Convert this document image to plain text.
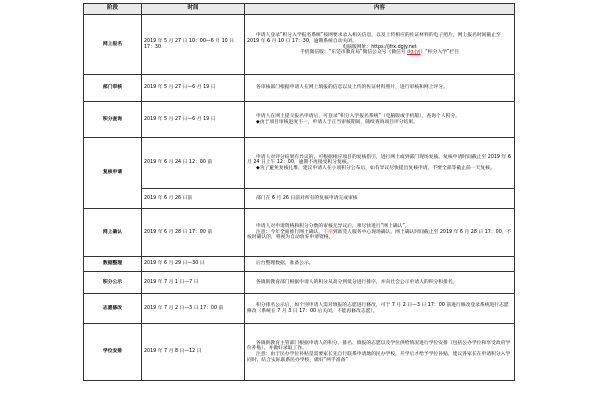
阶段	时间	内容
网上报名	2019 年 5 月 27 日 10：00—6 月 10 日 17：30	申请人登录“积分入学报名系统”按网要求录入相关信息，以及上传相应的佐证材料的电子照片，网上报名时间截止至 2019 年 6 月 10 日 17：30，逾期系统自动关闭。
电脑版网址：https://jfrx.dgjy.net
手机微信版：“东莞市教育局”微信公众号（微信号 dg-jyj）“积分入学”栏目

部门审核	2019 年 5 月 27 日—6 月 19 日	各审核部门根据申请人在网上填报的信息以及上传的佐证材料照片，进行审核和网上评分。

积分查询	2019 年 5 月 27 日—6 月 19 日	申请人在网上提交报名申请后，可登录“积分入学报名系统”（电脑版或手机版），查询个人积分。
◆由于项目审核进度不一，申请人于正当审核期间，随续查询项目评分结果。

复核申请	2019 年 6 月 24 日 12：00 前	申请人对评分结果有异议的，可根据相应项目的复核指引，进行网上或到部门现场复核。复核申请时间截止至 2019 年 6 月 24 日上午 12：00，逾期不再接受积分复核。
◆为了避免复核扎堆，建议申请人在小项积分公布后，如有异议尽快提出复核申请，不要全部等截止前一天复核。

	2019 年 6 月 26 日前	部门在 6 月 26 日前对所有的复核申请完成审核

网上确认	2019 年 6 月 28 日 17：00 前	申请人对申请资格和积分分数的审核无异议后，须尽快进行“网上确认”。
注意：今年全面推行网上确认，不用到新莞人服务中心现场确认。网上确认时间截止至 2019 年 6 月 28 日 17：00，不按时确认的，将视为自动放弃申请资格。

数据整理	2019 年 6 月 29 日—30 日	后台整理数据，准备公示。

积分公示	2019 年 7 月 1 日—7 日	各镇街教育部门根据申请人的积分从高分到低分进行排序，并向社会公示申请人的积分和排名。

志愿修改	2019 年 7 月 2 日—3 日 17：00 前	积分排名公示后，如个别申请人需对填报的志愿进行修改，可于 7 月 2 日—3 日 17：00 前进行修改登录系统进行志愿修改（系统在 7 月 3 日 17：00 后关闭，不能再修改志愿）。

学位安排	2019 年 7 月 8 日—12 日	各镇街教育主管部门根据申请人的积分、排名、填报的志愿以及学位供给情况进行学位安排（包括公办学位和享受政府学位补贴），并做好录取工作。
注意：由于民办学位补贴是需要家长先自行联系申请地的民办学校，开学后才给予学位补贴，建议各家长在申请积分入学同时，结合实际联系民办学校，做好“两手准备”
